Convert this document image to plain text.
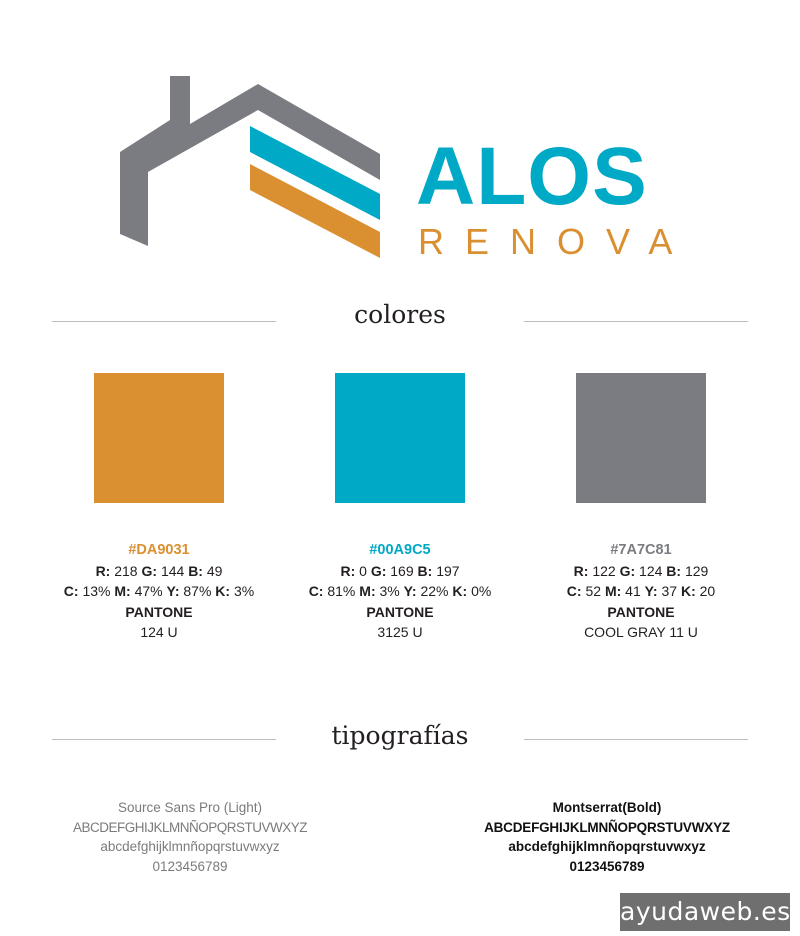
ALOS
RENOVA
colores
#DA9031
R: 218 G: 144 B: 49
C: 13% M: 47% Y: 87% K: 3%
PANTONE
124 U
#00A9C5
R: 0 G: 169 B: 197
C: 81% M: 3% Y: 22% K: 0%
PANTONE
3125 U
#7A7C81
R: 122 G: 124 B: 129
C: 52 M: 41 Y: 37 K: 20
PANTONE
COOL GRAY 11 U
tipografías
Source Sans Pro (Light)
ABCDEFGHIJKLMNÑOPQRSTUVWXYZ
abcdefghijklmnñopqrstuvwxyz
0123456789
Montserrat(Bold)
ABCDEFGHIJKLMNÑOPQRSTUVWXYZ
abcdefghijklmnñopqrstuvwxyz
0123456789
ayudaweb.es
